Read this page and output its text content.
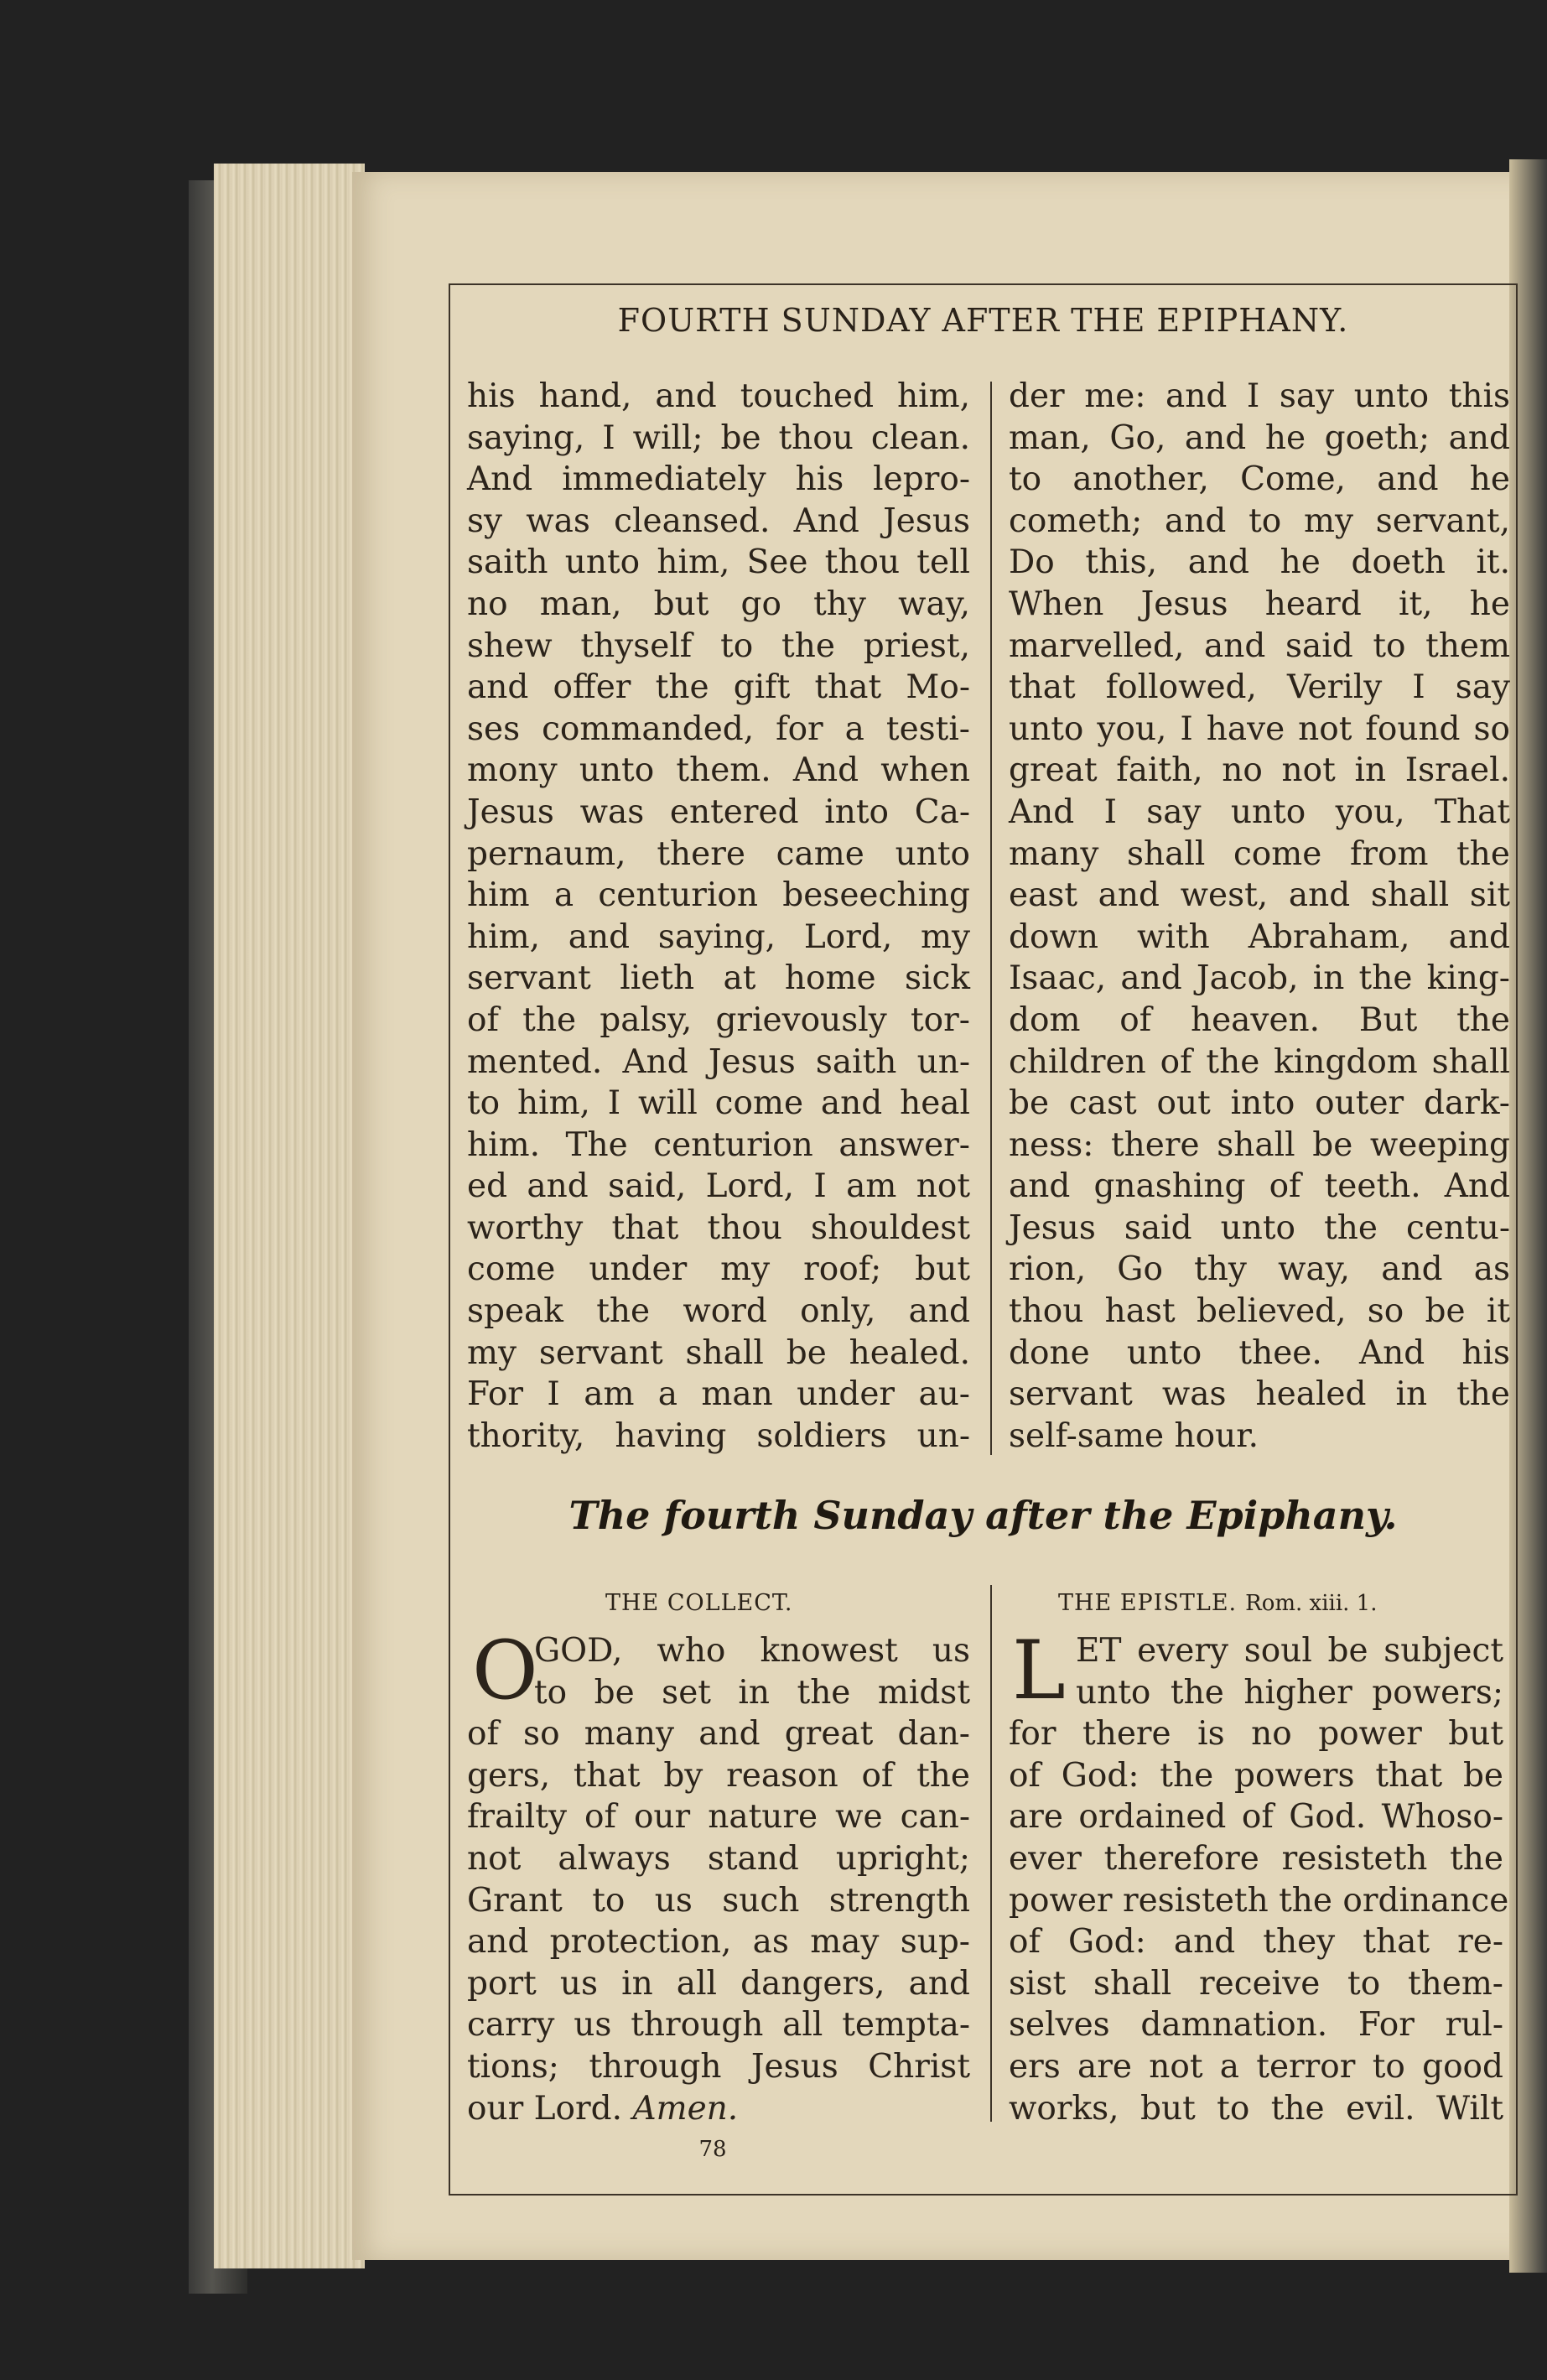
FOURTH SUNDAY AFTER THE EPIPHANY.
his hand, and touched him,
saying, I will; be thou clean.
And immediately his lepro-
sy was cleansed. And Jesus
saith unto him, See thou tell
no man, but go thy way,
shew thyself to the priest,
and offer the gift that Mo-
ses commanded, for a testi-
mony unto them. And when
Jesus was entered into Ca-
pernaum, there came unto
him a centurion beseeching
him, and saying, Lord, my
servant lieth at home sick
of the palsy, grievously tor-
mented. And Jesus saith un-
to him, I will come and heal
him. The centurion answer-
ed and said, Lord, I am not
worthy that thou shouldest
come under my roof; but
speak the word only, and
my servant shall be healed.
For I am a man under au-
thority, having soldiers un-
der me: and I say unto this
man, Go, and he goeth; and
to another, Come, and he
cometh; and to my servant,
Do this, and he doeth it.
When Jesus heard it, he
marvelled, and said to them
that followed, Verily I say
unto you, I have not found so
great faith, no not in Israel.
And I say unto you, That
many shall come from the
east and west, and shall sit
down with Abraham, and
Isaac, and Jacob, in the king-
dom of heaven. But the
children of the kingdom shall
be cast out into outer dark-
ness: there shall be weeping
and gnashing of teeth. And
Jesus said unto the centu-
rion, Go thy way, and as
thou hast believed, so be it
done unto thee. And his
servant was healed in the
self-same hour.
The fourth Sunday after the Epiphany.
THE COLLECT.	THE EPISTLE. Rom. xiii. 1.
O
GOD, who knowest us
to be set in the midst
of so many and great dan-
gers, that by reason of the
frailty of our nature we can-
not always stand upright;
Grant to us such strength
and protection, as may sup-
port us in all dangers, and
carry us through all tempta-
tions; through Jesus Christ
our Lord. Amen.
L ET every soul be subject
unto the higher powers;
for there is no power but
of God: the powers that be
are ordained of God. Whoso-
ever therefore resisteth the
power resisteth the ordinance
of God: and they that re-
sist shall receive to them-
selves damnation. For rul-
ers are not a terror to good
works, but to the evil. Wilt
78
